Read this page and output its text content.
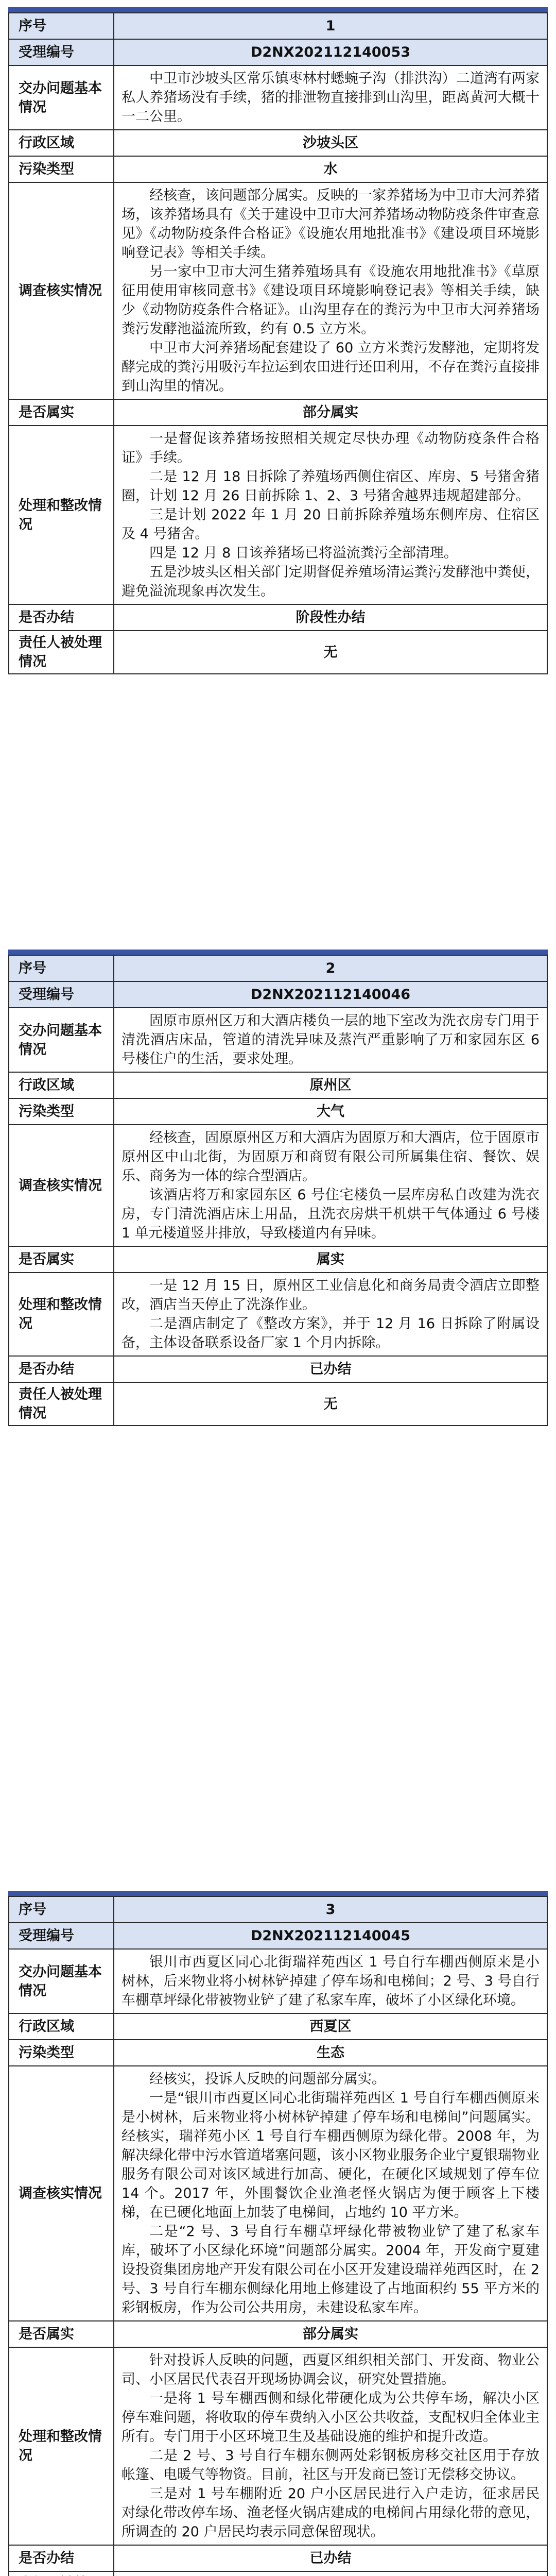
序号	1
受理编号	D2NX202112140053
交办问题基本情况	中卫市沙坡头区常乐镇枣林村蟋蜿子沟（排洪沟）二道湾有两家私人养猪场没有手续，猪的排泄物直接排到山沟里，距离黄河大概十一二公里。

行政区域	沙坡头区
污染类型	水
调查核实情况	经核查，该问题部分属实。反映的一家养猪场为中卫市大河养猪场，该养猪场具有《关于建设中卫市大河养猪场动物防疫条件审查意见》《动物防疫条件合格证》《设施农用地批准书》《建设项目环境影响登记表》等相关手续。

另一家中卫市大河生猪养殖场具有《设施农用地批准书》《草原征用使用审核同意书》《建设项目环境影响登记表》等相关手续，缺少《动物防疫条件合格证》。山沟里存在的粪污为中卫市大河养猪场粪污发酵池溢流所致，约有 0.5 立方米。

中卫市大河养猪场配套建设了 60 立方米粪污发酵池，定期将发酵完成的粪污用吸污车拉运到农田进行还田利用，不存在粪污直接排到山沟里的情况。

是否属实	部分属实
处理和整改情况	一是督促该养猪场按照相关规定尽快办理《动物防疫条件合格证》手续。

二是 12 月 18 日拆除了养殖场西侧住宿区、库房、5 号猪舍猪圈，计划 12 月 26 日前拆除 1、2、3 号猪舍越界违规超建部分。

三是计划 2022 年 1 月 20 日前拆除养殖场东侧库房、住宿区及 4 号猪舍。

四是 12 月 8 日该养猪场已将溢流粪污全部清理。

五是沙坡头区相关部门定期督促养殖场清运粪污发酵池中粪便，避免溢流现象再次发生。

是否办结	阶段性办结
责任人被处理情况	无
序号	2
受理编号	D2NX202112140046
交办问题基本情况	固原市原州区万和大酒店楼负一层的地下室改为洗衣房专门用于清洗酒店床品，管道的清洗异味及蒸汽严重影响了万和家园东区 6 号楼住户的生活，要求处理。

行政区域	原州区
污染类型	大气
调查核实情况	经核查，固原原州区万和大酒店为固原万和大酒店，位于固原市原州区中山北街，为固原万和商贸有限公司所属集住宿、餐饮、娱乐、商务为一体的综合型酒店。

该酒店将万和家园东区 6 号住宅楼负一层库房私自改建为洗衣房，专门清洗酒店床上用品，且洗衣房烘干机烘干气体通过 6 号楼 1 单元楼道竖井排放，导致楼道内有异味。

是否属实	属实
处理和整改情况	一是 12 月 15 日，原州区工业信息化和商务局责令酒店立即整改，酒店当天停止了洗涤作业。

二是酒店制定了《整改方案》，并于 12 月 16 日拆除了附属设备，主体设备联系设备厂家 1 个月内拆除。

是否办结	已办结
责任人被处理情况	无
序号	3
受理编号	D2NX202112140045
交办问题基本情况	银川市西夏区同心北街瑞祥苑西区 1 号自行车棚西侧原来是小树林，后来物业将小树林铲掉建了停车场和电梯间；2 号、3 号自行车棚草坪绿化带被物业铲了建了私家车库，破坏了小区绿化环境。

行政区域	西夏区
污染类型	生态
调查核实情况	经核实，投诉人反映的问题部分属实。

一是“银川市西夏区同心北街瑞祥苑西区 1 号自行车棚西侧原来是小树林，后来物业将小树林铲掉建了停车场和电梯间”问题属实。经核实，瑞祥苑小区 1 号自行车棚西侧原为绿化带。2008 年，为解决绿化带中污水管道堵塞问题，该小区物业服务企业宁夏银瑞物业服务有限公司对该区域进行加高、硬化，在硬化区域规划了停车位 14 个。2017 年，外围餐饮企业渔老怪火锅店为便于顾客上下楼梯，在已硬化地面上加装了电梯间，占地约 10 平方米。

二是“2 号、3 号自行车棚草坪绿化带被物业铲了建了私家车库，破坏了小区绿化环境”问题部分属实。2004 年，开发商宁夏建设投资集团房地产开发有限公司在小区开发建设瑞祥苑西区时，在 2 号、3 号自行车棚东侧绿化用地上修建设了占地面积约 55 平方米的彩钢板房，作为公司公共用房，未建设私家车库。

是否属实	部分属实
处理和整改情况	针对投诉人反映的问题，西夏区组织相关部门、开发商、物业公司、小区居民代表召开现场协调会议，研究处置措施。

一是将 1 号车棚西侧和绿化带硬化成为公共停车场，解决小区停车难问题，将收取的停车费纳入小区公共收益，支配权归全体业主所有。专门用于小区环境卫生及基础设施的维护和提升改造。

二是 2 号、3 号自行车棚东侧两处彩钢板房移交社区用于存放帐篷、电暖气等物资。目前，社区与开发商已签订无偿移交协议。

三是对 1 号车棚附近 20 户小区居民进行入户走访，征求居民对绿化带改停车场、渔老怪火锅店建成的电梯间占用绿化带的意见，所调查的 20 户居民均表示同意保留现状。

是否办结	已办结
